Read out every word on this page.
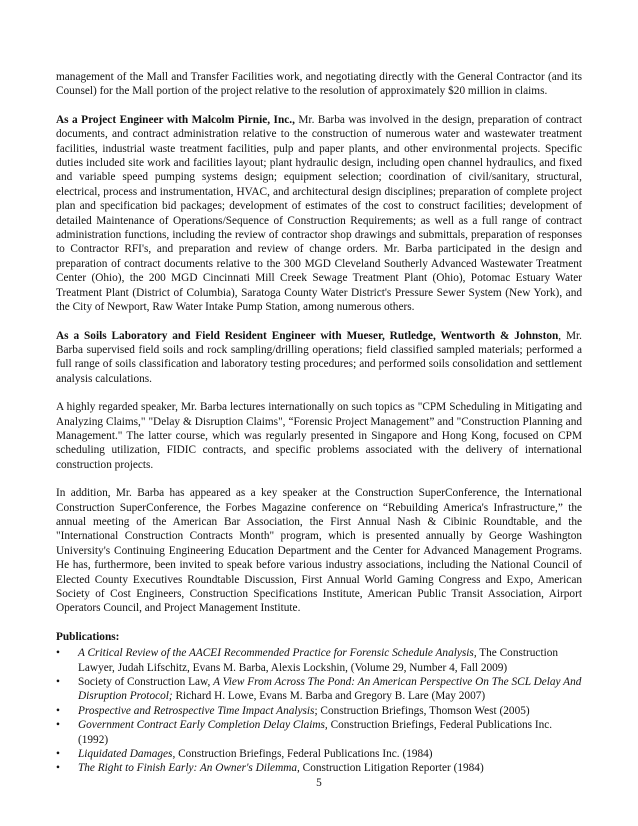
management of the Mall and Transfer Facilities work, and negotiating directly with the General Contractor (and its Counsel) for the Mall portion of the project relative to the resolution of approximately $20 million in claims.

As a Project Engineer with Malcolm Pirnie, Inc., Mr. Barba was involved in the design, preparation of contract documents, and contract administration relative to the construction of numerous water and wastewater treatment facilities, industrial waste treatment facilities, pulp and paper plants, and other environmental projects. Specific duties included site work and facilities layout; plant hydraulic design, including open channel hydraulics, and fixed and variable speed pumping systems design; equipment selection; coordination of civil/sanitary, structural, electrical, process and instrumentation, HVAC, and architectural design disciplines; preparation of complete project plan and specification bid packages; development of estimates of the cost to construct facilities; development of detailed Maintenance of Operations/Sequence of Construction Requirements; as well as a full range of contract administration functions, including the review of contractor shop drawings and submittals, preparation of responses to Contractor RFI's, and preparation and review of change orders. Mr. Barba participated in the design and preparation of contract documents relative to the 300 MGD Cleveland Southerly Advanced Wastewater Treatment Center (Ohio), the 200 MGD Cincinnati Mill Creek Sewage Treatment Plant (Ohio), Potomac Estuary Water Treatment Plant (District of Columbia), Saratoga County Water District's Pressure Sewer System (New York), and the City of Newport, Raw Water Intake Pump Station, among numerous others.

As a Soils Laboratory and Field Resident Engineer with Mueser, Rutledge, Wentworth & Johnston, Mr. Barba supervised field soils and rock sampling/drilling operations; field classified sampled materials; performed a full range of soils classification and laboratory testing procedures; and performed soils consolidation and settlement analysis calculations.

A highly regarded speaker, Mr. Barba lectures internationally on such topics as "CPM Scheduling in Mitigating and Analyzing Claims," "Delay & Disruption Claims", “Forensic Project Management” and "Construction Planning and Management." The latter course, which was regularly presented in Singapore and Hong Kong, focused on CPM scheduling utilization, FIDIC contracts, and specific problems associated with the delivery of international construction projects.

In addition, Mr. Barba has appeared as a key speaker at the Construction SuperConference, the International Construction SuperConference, the Forbes Magazine conference on “Rebuilding America's Infrastructure,” the annual meeting of the American Bar Association, the First Annual Nash & Cibinic Roundtable, and the "International Construction Contracts Month" program, which is presented annually by George Washington University's Continuing Engineering Education Department and the Center for Advanced Management Programs. He has, furthermore, been invited to speak before various industry associations, including the National Council of Elected County Executives Roundtable Discussion, First Annual World Gaming Congress and Expo, American Society of Cost Engineers, Construction Specifications Institute, American Public Transit Association, Airport Operators Council, and Project Management Institute.

Publications:
• A Critical Review of the AACEI Recommended Practice for Forensic Schedule Analysis, The Construction Lawyer, Judah Lifschitz, Evans M. Barba, Alexis Lockshin, (Volume 29, Number 4, Fall 2009)
• Society of Construction Law, A View From Across The Pond: An American Perspective On The SCL Delay And Disruption Protocol; Richard H. Lowe, Evans M. Barba and Gregory B. Lare (May 2007)
• Prospective and Retrospective Time Impact Analysis; Construction Briefings, Thomson West (2005)
• Government Contract Early Completion Delay Claims, Construction Briefings, Federal Publications Inc. (1992)
• Liquidated Damages, Construction Briefings, Federal Publications Inc. (1984)
• The Right to Finish Early: An Owner's Dilemma, Construction Litigation Reporter (1984)
5
